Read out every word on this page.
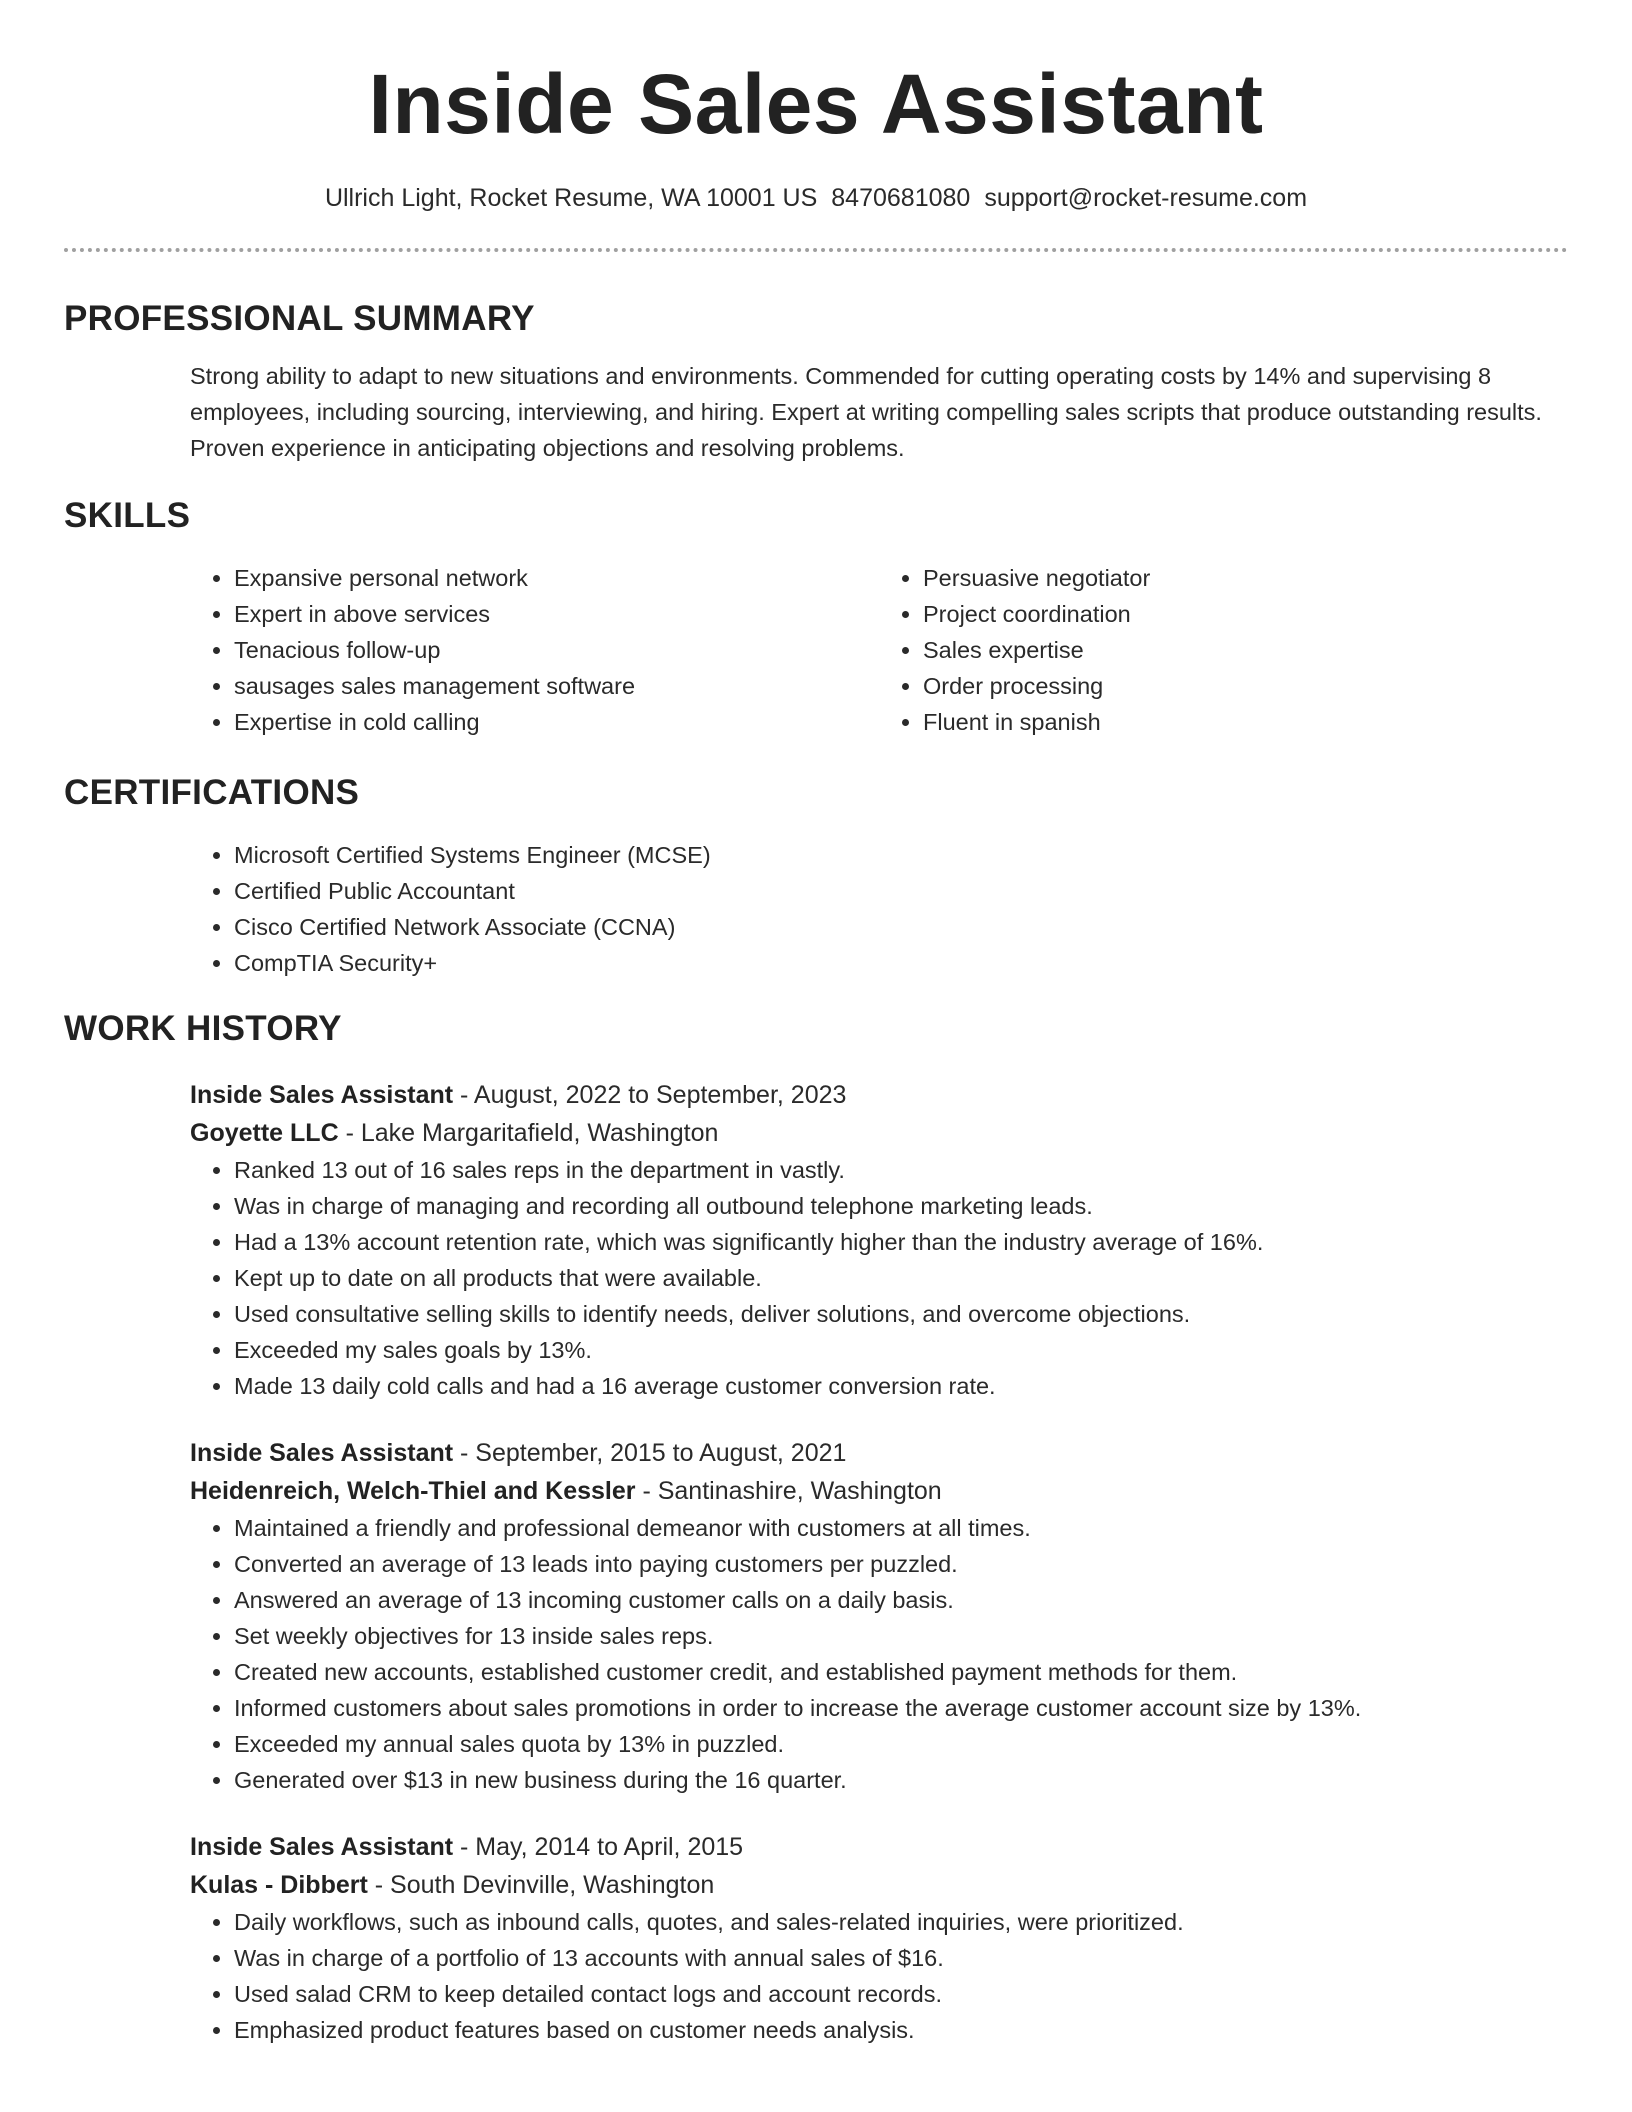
Inside Sales Assistant
Ullrich Light, Rocket Resume, WA 10001 US 8470681080 support@rocket-resume.com
PROFESSIONAL SUMMARY

Strong ability to adapt to new situations and environments. Commended for cutting operating costs by 14% and supervising 8 employees, including sourcing, interviewing, and hiring. Expert at writing compelling sales scripts that produce outstanding results. Proven experience in anticipating objections and resolving problems.

SKILLS
• Expansive personal network
• Expert in above services
• Tenacious follow-up
• sausages sales management software
• Expertise in cold calling
• Persuasive negotiator
• Project coordination
• Sales expertise
• Order processing
• Fluent in spanish
CERTIFICATIONS
• Microsoft Certified Systems Engineer (MCSE)
• Certified Public Accountant
• Cisco Certified Network Associate (CCNA)
• CompTIA Security+
WORK HISTORY
Inside Sales Assistant - August, 2022 to September, 2023
Goyette LLC - Lake Margaritafield, Washington
• Ranked 13 out of 16 sales reps in the department in vastly.
• Was in charge of managing and recording all outbound telephone marketing leads.
• Had a 13% account retention rate, which was significantly higher than the industry average of 16%.
• Kept up to date on all products that were available.
• Used consultative selling skills to identify needs, deliver solutions, and overcome objections.
• Exceeded my sales goals by 13%.
• Made 13 daily cold calls and had a 16 average customer conversion rate.
Inside Sales Assistant - September, 2015 to August, 2021
Heidenreich, Welch-Thiel and Kessler - Santinashire, Washington
• Maintained a friendly and professional demeanor with customers at all times.
• Converted an average of 13 leads into paying customers per puzzled.
• Answered an average of 13 incoming customer calls on a daily basis.
• Set weekly objectives for 13 inside sales reps.
• Created new accounts, established customer credit, and established payment methods for them.
• Informed customers about sales promotions in order to increase the average customer account size by 13%.
• Exceeded my annual sales quota by 13% in puzzled.
• Generated over $13 in new business during the 16 quarter.
Inside Sales Assistant - May, 2014 to April, 2015
Kulas - Dibbert - South Devinville, Washington
• Daily workflows, such as inbound calls, quotes, and sales-related inquiries, were prioritized.
• Was in charge of a portfolio of 13 accounts with annual sales of $16.
• Used salad CRM to keep detailed contact logs and account records.
• Emphasized product features based on customer needs analysis.
